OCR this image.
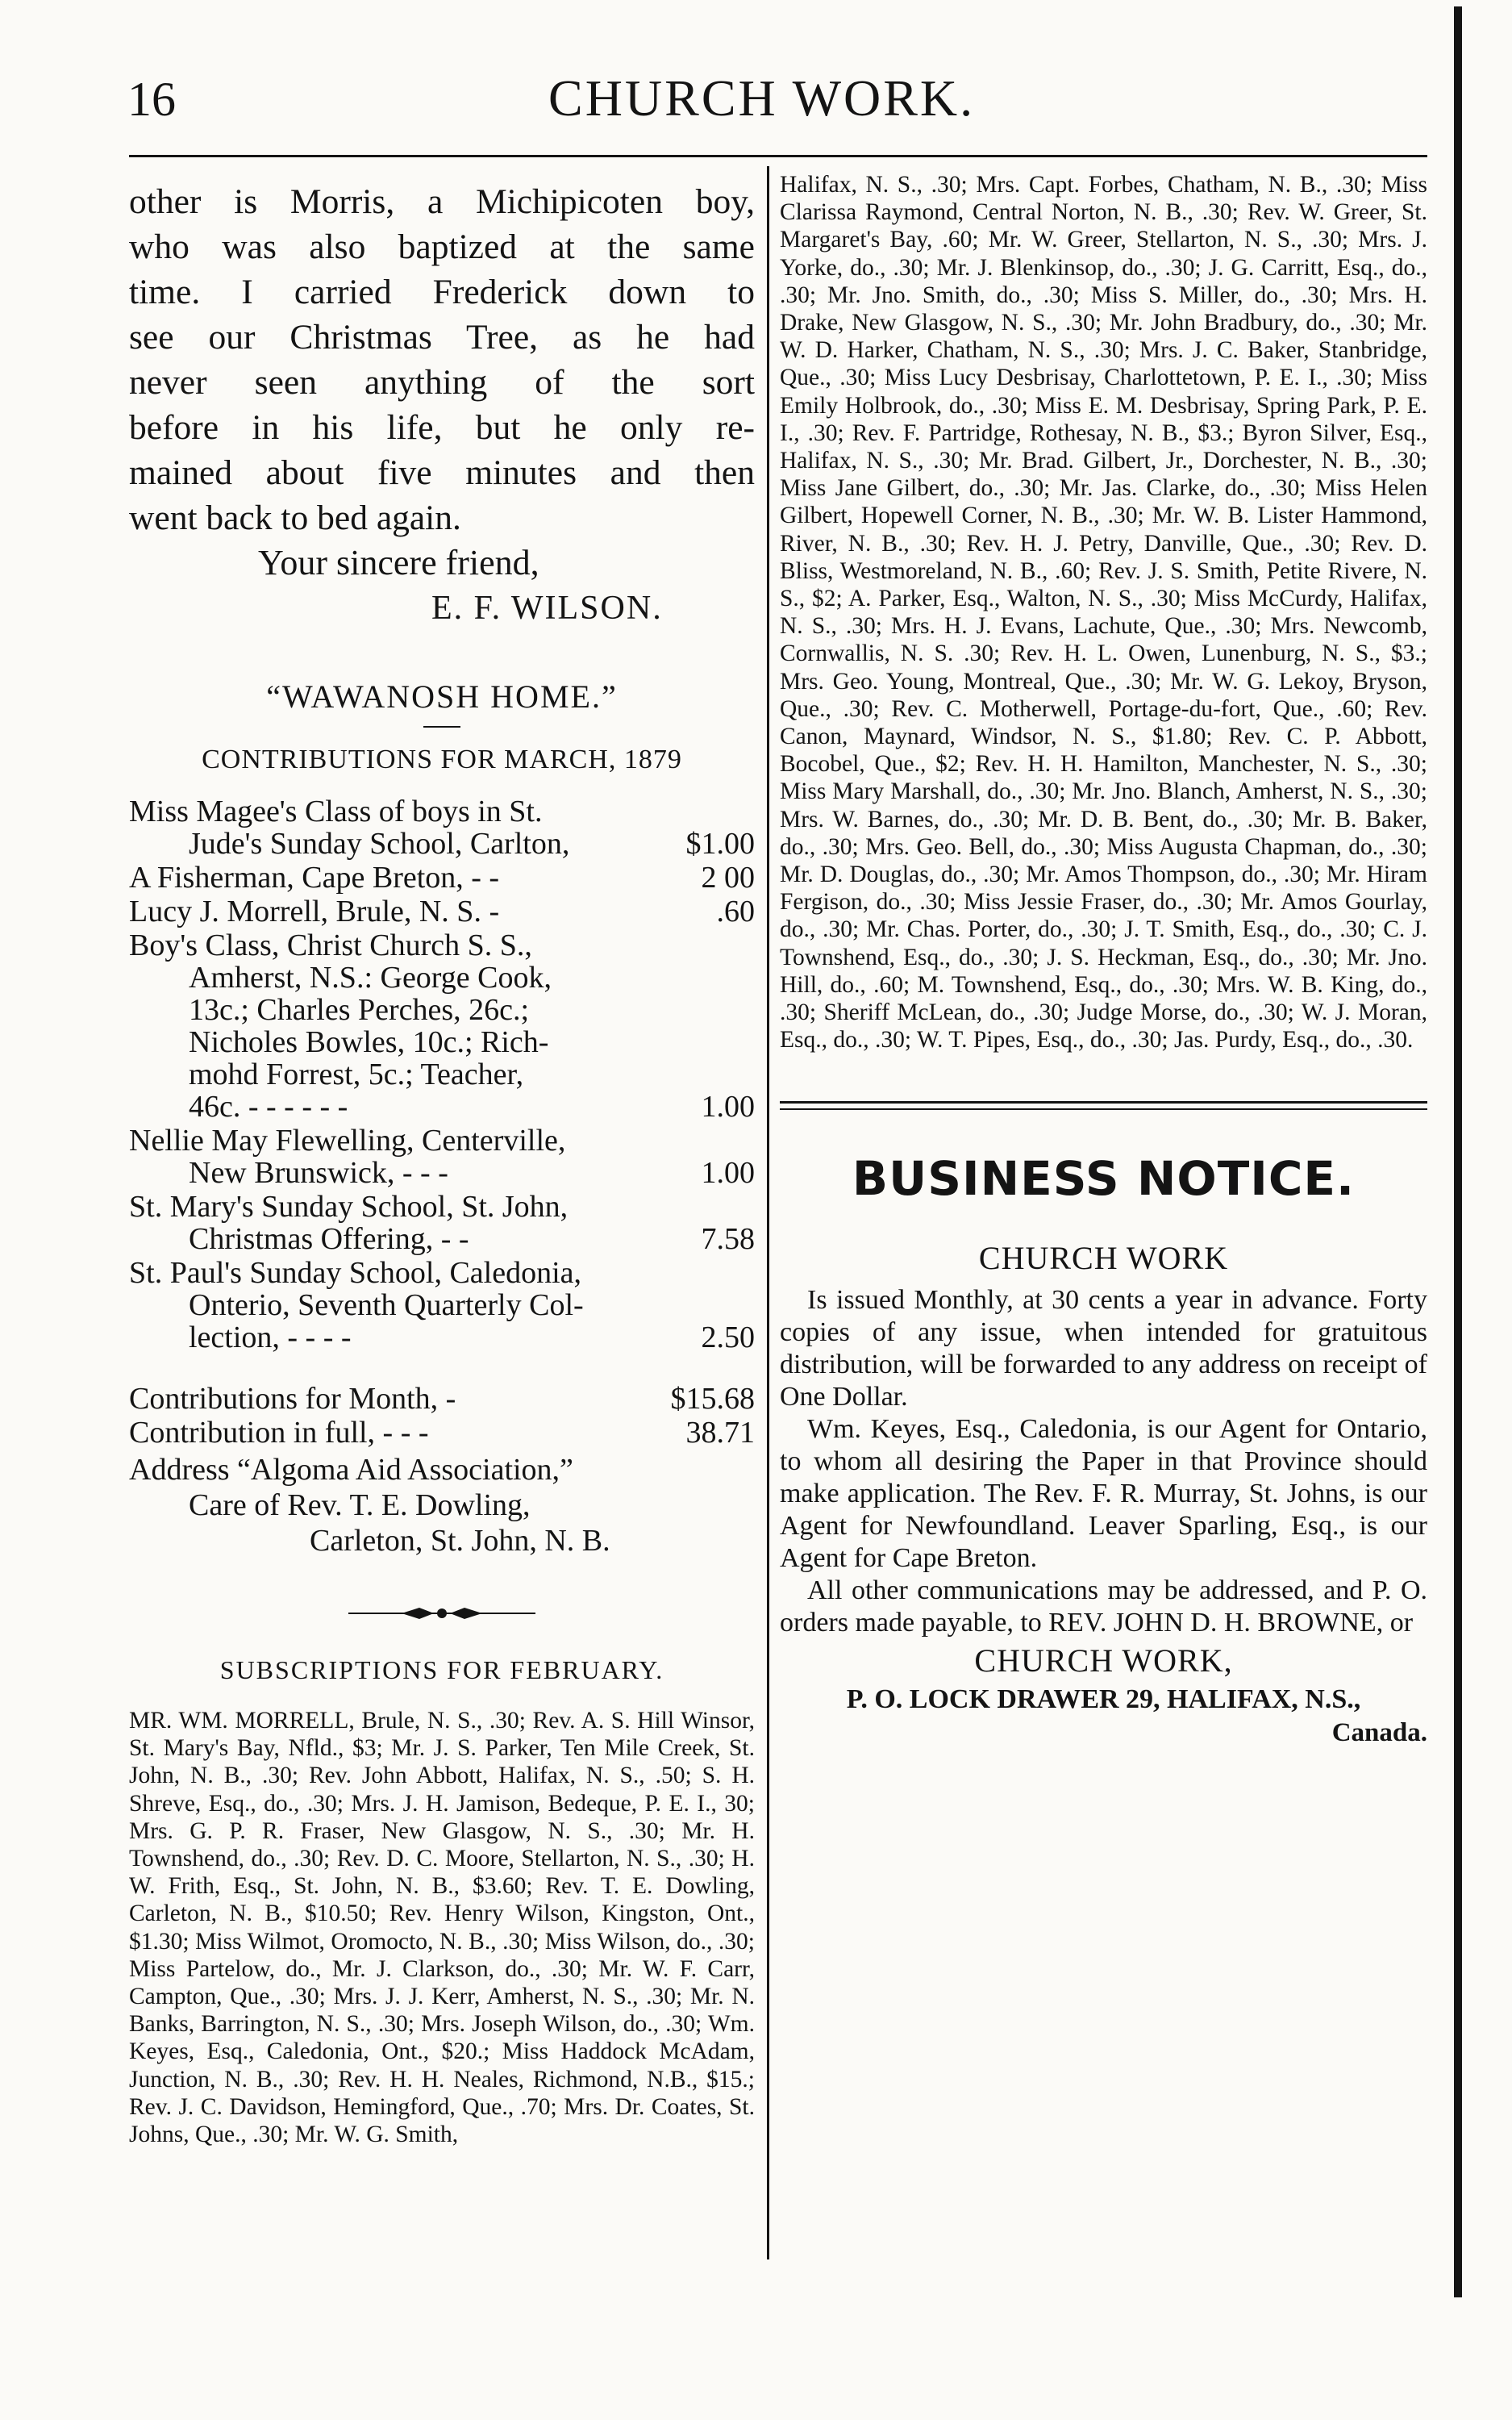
16	CHURCH WORK.

other is Morris, a Michipicoten boy,

who was also baptized at the same

time. I carried Frederick down to

see our Christmas Tree, as he had

never seen anything of the sort

before in his life, but he only re-

mained about five minutes and then

went back to bed again.

Your sincere friend,

E. F. WILSON.

“WAWANOSH HOME.”
CONTRIBUTIONS FOR MARCH, 1879
Miss Magee's Class of boys in St.
Jude's Sunday School, Carlton,	$1.00
A Fisherman, Cape Breton, - -	2 00
Lucy J. Morrell, Brule, N. S. -	.60
Boy's Class, Christ Church S. S.,
Amherst, N.S.: George Cook,
13c.; Charles Perches, 26c.;
Nicholes Bowles, 10c.; Rich-
mohd Forrest, 5c.; Teacher,
46c. - - - - - -	1.00
Nellie May Flewelling, Centerville,
New Brunswick, - - -	1.00
St. Mary's Sunday School, St. John,
Christmas Offering, - -	7.58
St. Paul's Sunday School, Caledonia,
Onterio, Seventh Quarterly Col-
lection, - - - -	2.50
Contributions for Month, -	$15.68
Contribution in full, - - -	38.71
Address “Algoma Aid Association,”
Care of Rev. T. E. Dowling,
Carleton, St. John, N. B.
SUBSCRIPTIONS FOR FEBRUARY.

MR. WM. MORRELL, Brule, N. S., .30; Rev. A. S. Hill Winsor, St. Mary's Bay, Nfld., $3; Mr. J. S. Parker, Ten Mile Creek, St. John, N. B., .30; Rev. John Abbott, Halifax, N. S., .50; S. H. Shreve, Esq., do., .30; Mrs. J. H. Jamison, Bedeque, P. E. I., 30; Mrs. G. P. R. Fraser, New Glasgow, N. S., .30; Mr. H. Townshend, do., .30; Rev. D. C. Moore, Stellarton, N. S., .30; H. W. Frith, Esq., St. John, N. B., $3.60; Rev. T. E. Dowling, Carleton, N. B., $10.50; Rev. Henry Wilson, Kingston, Ont., $1.30; Miss Wilmot, Oromocto, N. B., .30; Miss Wilson, do., .30; Miss Partelow, do., Mr. J. Clarkson, do., .30; Mr. W. F. Carr, Campton, Que., .30; Mrs. J. J. Kerr, Amherst, N. S., .30; Mr. N. Banks, Barrington, N. S., .30; Mrs. Joseph Wilson, do., .30; Wm. Keyes, Esq., Caledonia, Ont., $20.; Miss Haddock McAdam, Junction, N. B., .30; Rev. H. H. Neales, Richmond, N.B., $15.; Rev. J. C. Davidson, Hemingford, Que., .70; Mrs. Dr. Coates, St. Johns, Que., .30; Mr. W. G. Smith,

Halifax, N. S., .30; Mrs. Capt. Forbes, Chatham, N. B., .30; Miss Clarissa Raymond, Central Norton, N. B., .30; Rev. W. Greer, St. Margaret's Bay, .60; Mr. W. Greer, Stellarton, N. S., .30; Mrs. J. Yorke, do., .30; Mr. J. Blenkinsop, do., .30; J. G. Carritt, Esq., do., .30; Mr. Jno. Smith, do., .30; Miss S. Miller, do., .30; Mrs. H. Drake, New Glasgow, N. S., .30; Mr. John Bradbury, do., .30; Mr. W. D. Harker, Chatham, N. S., .30; Mrs. J. C. Baker, Stanbridge, Que., .30; Miss Lucy Desbrisay, Charlottetown, P. E. I., .30; Miss Emily Holbrook, do., .30; Miss E. M. Desbrisay, Spring Park, P. E. I., .30; Rev. F. Partridge, Rothesay, N. B., $3.; Byron Silver, Esq., Halifax, N. S., .30; Mr. Brad. Gilbert, Jr., Dorchester, N. B., .30; Miss Jane Gilbert, do., .30; Mr. Jas. Clarke, do., .30; Miss Helen Gilbert, Hopewell Corner, N. B., .30; Mr. W. B. Lister Hammond, River, N. B., .30; Rev. H. J. Petry, Danville, Que., .30; Rev. D. Bliss, Westmoreland, N. B., .60; Rev. J. S. Smith, Petite Rivere, N. S., $2; A. Parker, Esq., Walton, N. S., .30; Miss McCurdy, Halifax, N. S., .30; Mrs. H. J. Evans, Lachute, Que., .30; Mrs. Newcomb, Cornwallis, N. S. .30; Rev. H. L. Owen, Lunenburg, N. S., $3.; Mrs. Geo. Young, Montreal, Que., .30; Mr. W. G. Lekoy, Bryson, Que., .30; Rev. C. Motherwell, Portage-du-fort, Que., .60; Rev. Canon, Maynard, Windsor, N. S., $1.80; Rev. C. P. Abbott, Bocobel, Que., $2; Rev. H. H. Hamilton, Manchester, N. S., .30; Miss Mary Marshall, do., .30; Mr. Jno. Blanch, Amherst, N. S., .30; Mrs. W. Barnes, do., .30; Mr. D. B. Bent, do., .30; Mr. B. Baker, do., .30; Mrs. Geo. Bell, do., .30; Miss Augusta Chapman, do., .30; Mr. D. Douglas, do., .30; Mr. Amos Thompson, do., .30; Mr. Hiram Fergison, do., .30; Miss Jessie Fraser, do., .30; Mr. Amos Gourlay, do., .30; Mr. Chas. Porter, do., .30; J. T. Smith, Esq., do., .30; C. J. Townshend, Esq., do., .30; J. S. Heckman, Esq., do., .30; Mr. Jno. Hill, do., .60; M. Townshend, Esq., do., .30; Mrs. W. B. King, do., .30; Sheriff McLean, do., .30; Judge Morse, do., .30; W. J. Moran, Esq., do., .30; W. T. Pipes, Esq., do., .30; Jas. Purdy, Esq., do., .30.

BUSINESS NOTICE.
CHURCH WORK

Is issued Monthly, at 30 cents a year in advance. Forty copies of any issue, when intended for gratuitous distribution, will be forwarded to any address on receipt of One Dollar.

Wm. Keyes, Esq., Caledonia, is our Agent for Ontario, to whom all desiring the Paper in that Province should make application. The Rev. F. R. Murray, St. Johns, is our Agent for Newfoundland. Leaver Sparling, Esq., is our Agent for Cape Breton.

All other communications may be addressed, and P. O. orders made payable, to REV. JOHN D. H. BROWNE, or

CHURCH WORK,
P. O. LOCK DRAWER 29, HALIFAX, N.S.,
Canada.
